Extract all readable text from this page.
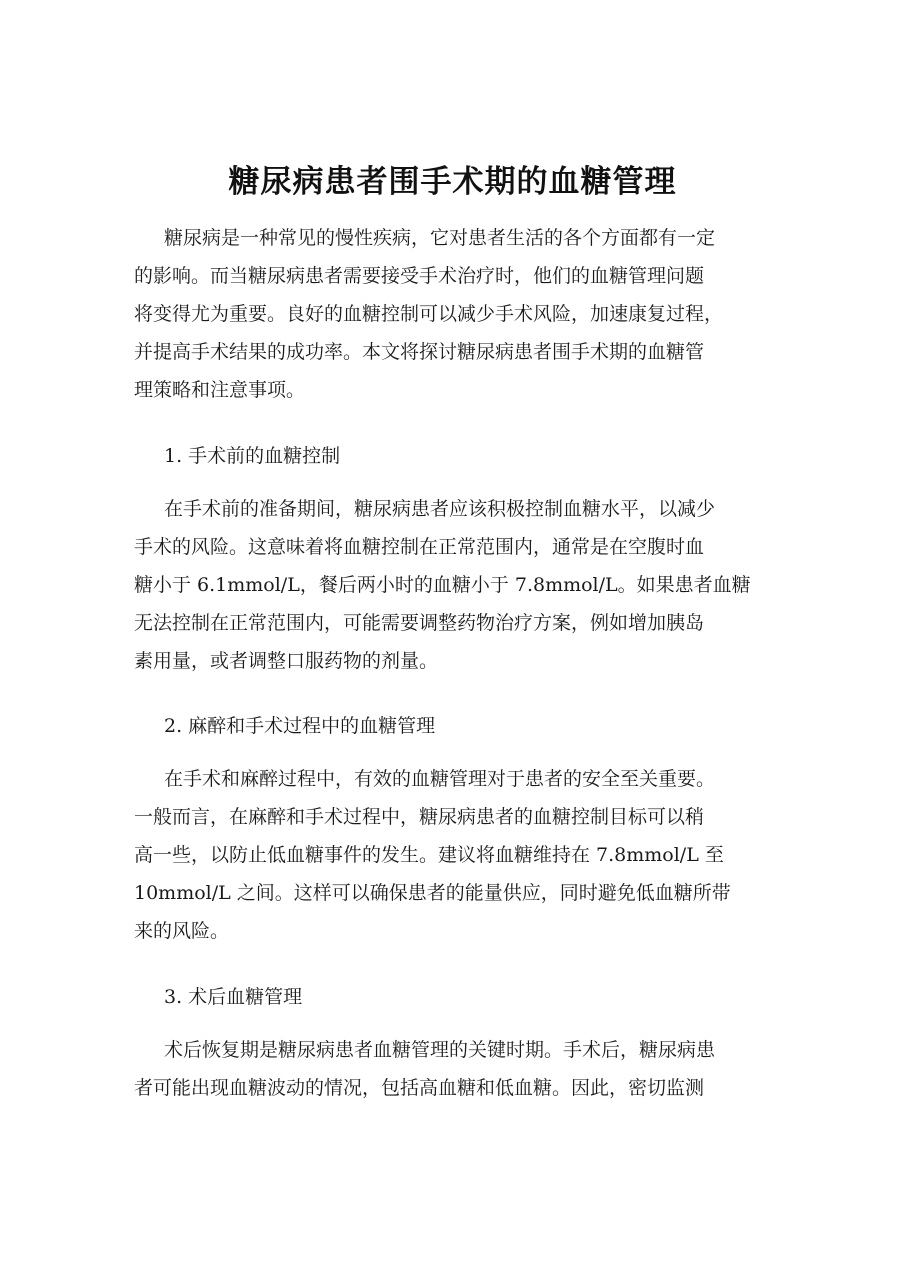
糖尿病患者围手术期的血糖管理
糖尿病是一种常见的慢性疾病，它对患者生活的各个方面都有一定
的影响。而当糖尿病患者需要接受手术治疗时，他们的血糖管理问题
将变得尤为重要。良好的血糖控制可以减少手术风险，加速康复过程，
并提高手术结果的成功率。本文将探讨糖尿病患者围手术期的血糖管
理策略和注意事项。
1. 手术前的血糖控制
在手术前的准备期间，糖尿病患者应该积极控制血糖水平，以减少
手术的风险。这意味着将血糖控制在正常范围内，通常是在空腹时血
糖小于 6.1mmol/L，餐后两小时的血糖小于 7.8mmol/L。如果患者血糖
无法控制在正常范围内，可能需要调整药物治疗方案，例如增加胰岛
素用量，或者调整口服药物的剂量。
2. 麻醉和手术过程中的血糖管理
在手术和麻醉过程中，有效的血糖管理对于患者的安全至关重要。
一般而言，在麻醉和手术过程中，糖尿病患者的血糖控制目标可以稍
高一些，以防止低血糖事件的发生。建议将血糖维持在 7.8mmol/L 至
10mmol/L 之间。这样可以确保患者的能量供应，同时避免低血糖所带
来的风险。
3. 术后血糖管理
术后恢复期是糖尿病患者血糖管理的关键时期。手术后，糖尿病患
者可能出现血糖波动的情况，包括高血糖和低血糖。因此，密切监测
